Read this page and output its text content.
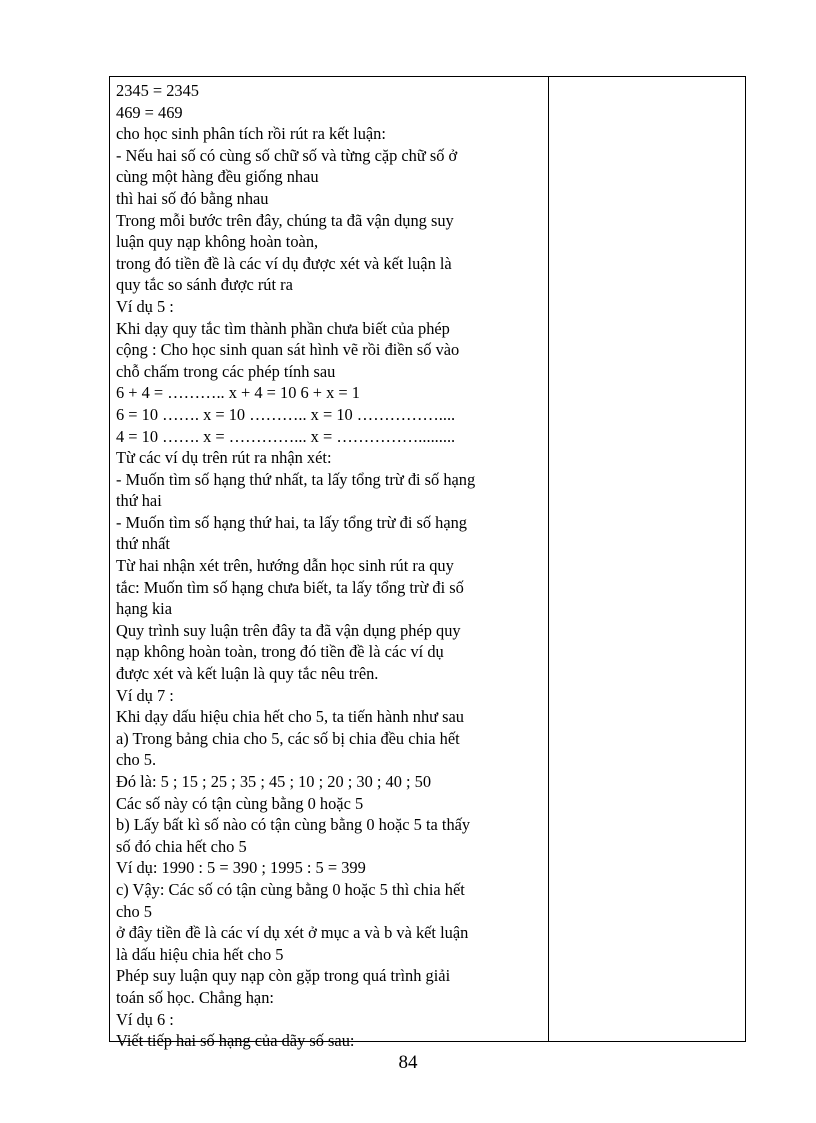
2345 = 2345
469 = 469
cho học sinh phân tích rồi rút ra kết luận:
- Nếu hai số có cùng số chữ số và từng cặp chữ số ở
cùng một hàng đều giống nhau
thì hai số đó bằng nhau
Trong mỗi bước trên đây, chúng ta đã vận dụng suy
luận quy nạp không hoàn toàn,
trong đó tiền đề là các ví dụ được xét và kết luận là
quy tắc so sánh được rút ra
Ví dụ 5 :
Khi dạy quy tắc tìm thành phần chưa biết của phép
cộng : Cho học sinh quan sát hình vẽ rồi điền số vào
chỗ chấm trong các phép tính sau
6 + 4 = ……….. x + 4 = 10 6 + x = 1
6 = 10 ……. x = 10 ……….. x = 10 ……………....
4 = 10 ……. x = …………... x = …………….........
Từ các ví dụ trên rút ra nhận xét:
- Muốn tìm số hạng thứ nhất, ta lấy tổng trừ đi số hạng
thứ hai
- Muốn tìm số hạng thứ hai, ta lấy tổng trừ đi số hạng
thứ nhất
Từ hai nhận xét trên, hướng dẫn học sinh rút ra quy
tắc: Muốn tìm số hạng chưa biết, ta lấy tổng trừ đi số
hạng kia
Quy trình suy luận trên đây ta đã vận dụng phép quy
nạp không hoàn toàn, trong đó tiền đề là các ví dụ
được xét và kết luận là quy tắc nêu trên.
Ví dụ 7 :
Khi dạy dấu hiệu chia hết cho 5, ta tiến hành như sau
a) Trong bảng chia cho 5, các số bị chia đều chia hết
cho 5.
Đó là: 5 ; 15 ; 25 ; 35 ; 45 ; 10 ; 20 ; 30 ; 40 ; 50
Các số này có tận cùng bằng 0 hoặc 5
b) Lấy bất kì số nào có tận cùng bằng 0 hoặc 5 ta thấy
số đó chia hết cho 5
Ví dụ: 1990 : 5 = 390 ; 1995 : 5 = 399
c) Vậy: Các số có tận cùng bằng 0 hoặc 5 thì chia hết
cho 5
ở đây tiền đề là các ví dụ xét ở mục a và b và kết luận
là dấu hiệu chia hết cho 5
Phép suy luận quy nạp còn gặp trong quá trình giải
toán số học. Chẳng hạn:
Ví dụ 6 :
Viết tiếp hai số hạng của dãy số sau:
84
